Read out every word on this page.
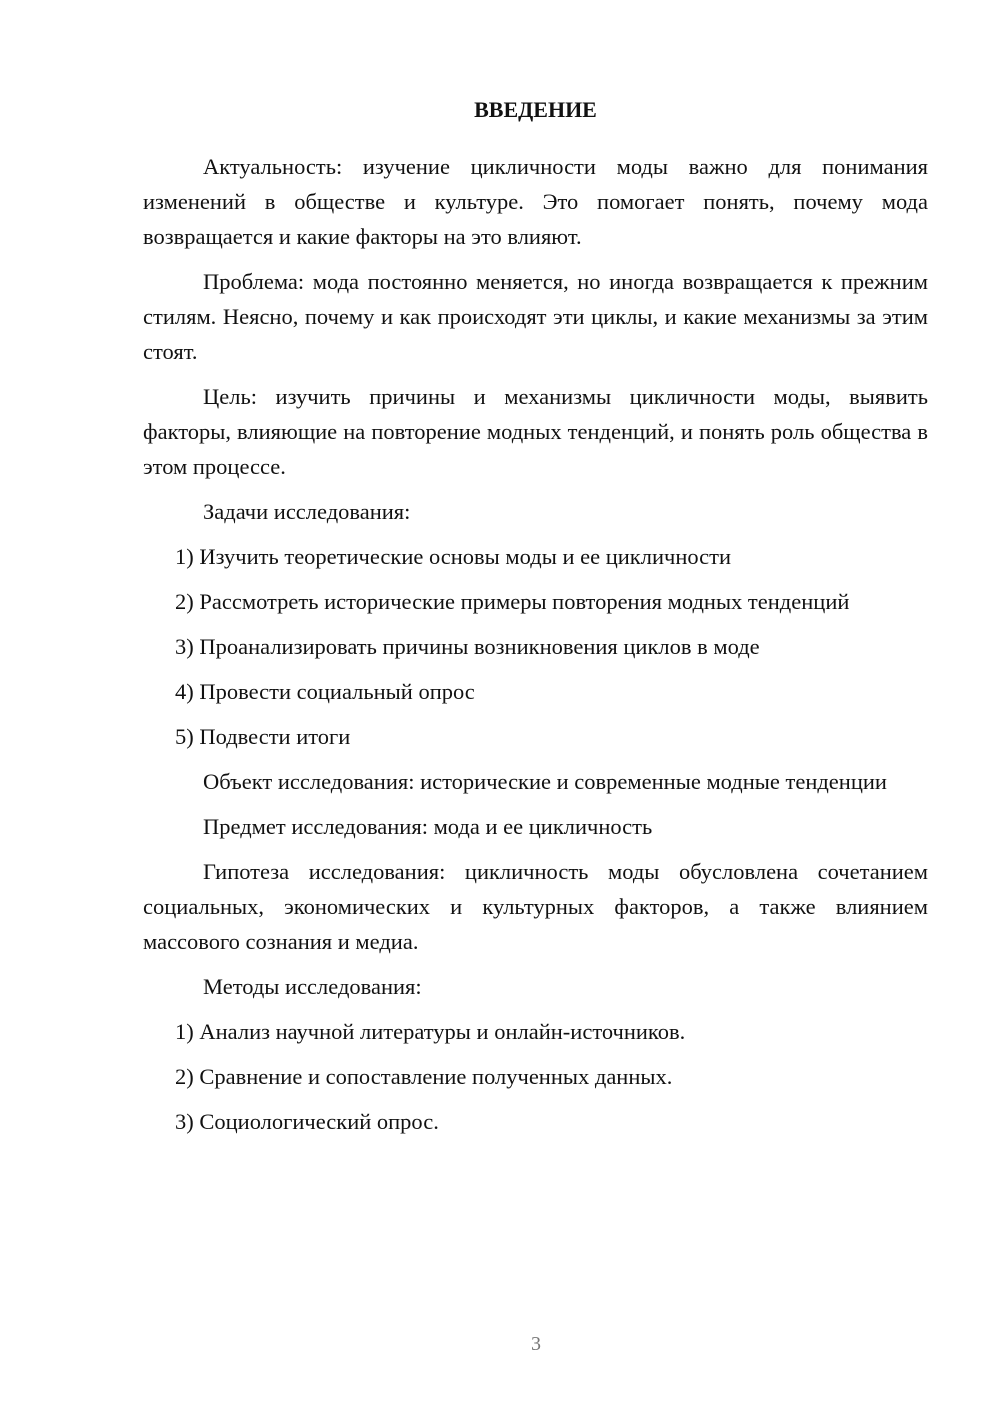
ВВЕДЕНИЕ

Актуальность: изучение цикличности моды важно для понимания изменений в обществе и культуре. Это помогает понять, почему мода возвращается и какие факторы на это влияют.

Проблема: мода постоянно меняется, но иногда возвращается к прежним стилям. Неясно, почему и как происходят эти циклы, и какие механизмы за этим стоят.

Цель: изучить причины и механизмы цикличности моды, выявить факторы, влияющие на повторение модных тенденций, и понять роль общества в этом процессе.

Задачи исследования:

1) Изучить теоретические основы моды и ее цикличности
2) Рассмотреть исторические примеры повторения модных тенденций
3) Проанализировать причины возникновения циклов в моде
4) Провести социальный опрос
5) Подвести итоги

Объект исследования: исторические и современные модные тенденции

Предмет исследования: мода и ее цикличность

Гипотеза исследования: цикличность моды обусловлена сочетанием социальных, экономических и культурных факторов, а также влиянием массового сознания и медиа.

Методы исследования:

1) Анализ научной литературы и онлайн-источников.
2) Сравнение и сопоставление полученных данных.
3) Социологический опрос.
3
